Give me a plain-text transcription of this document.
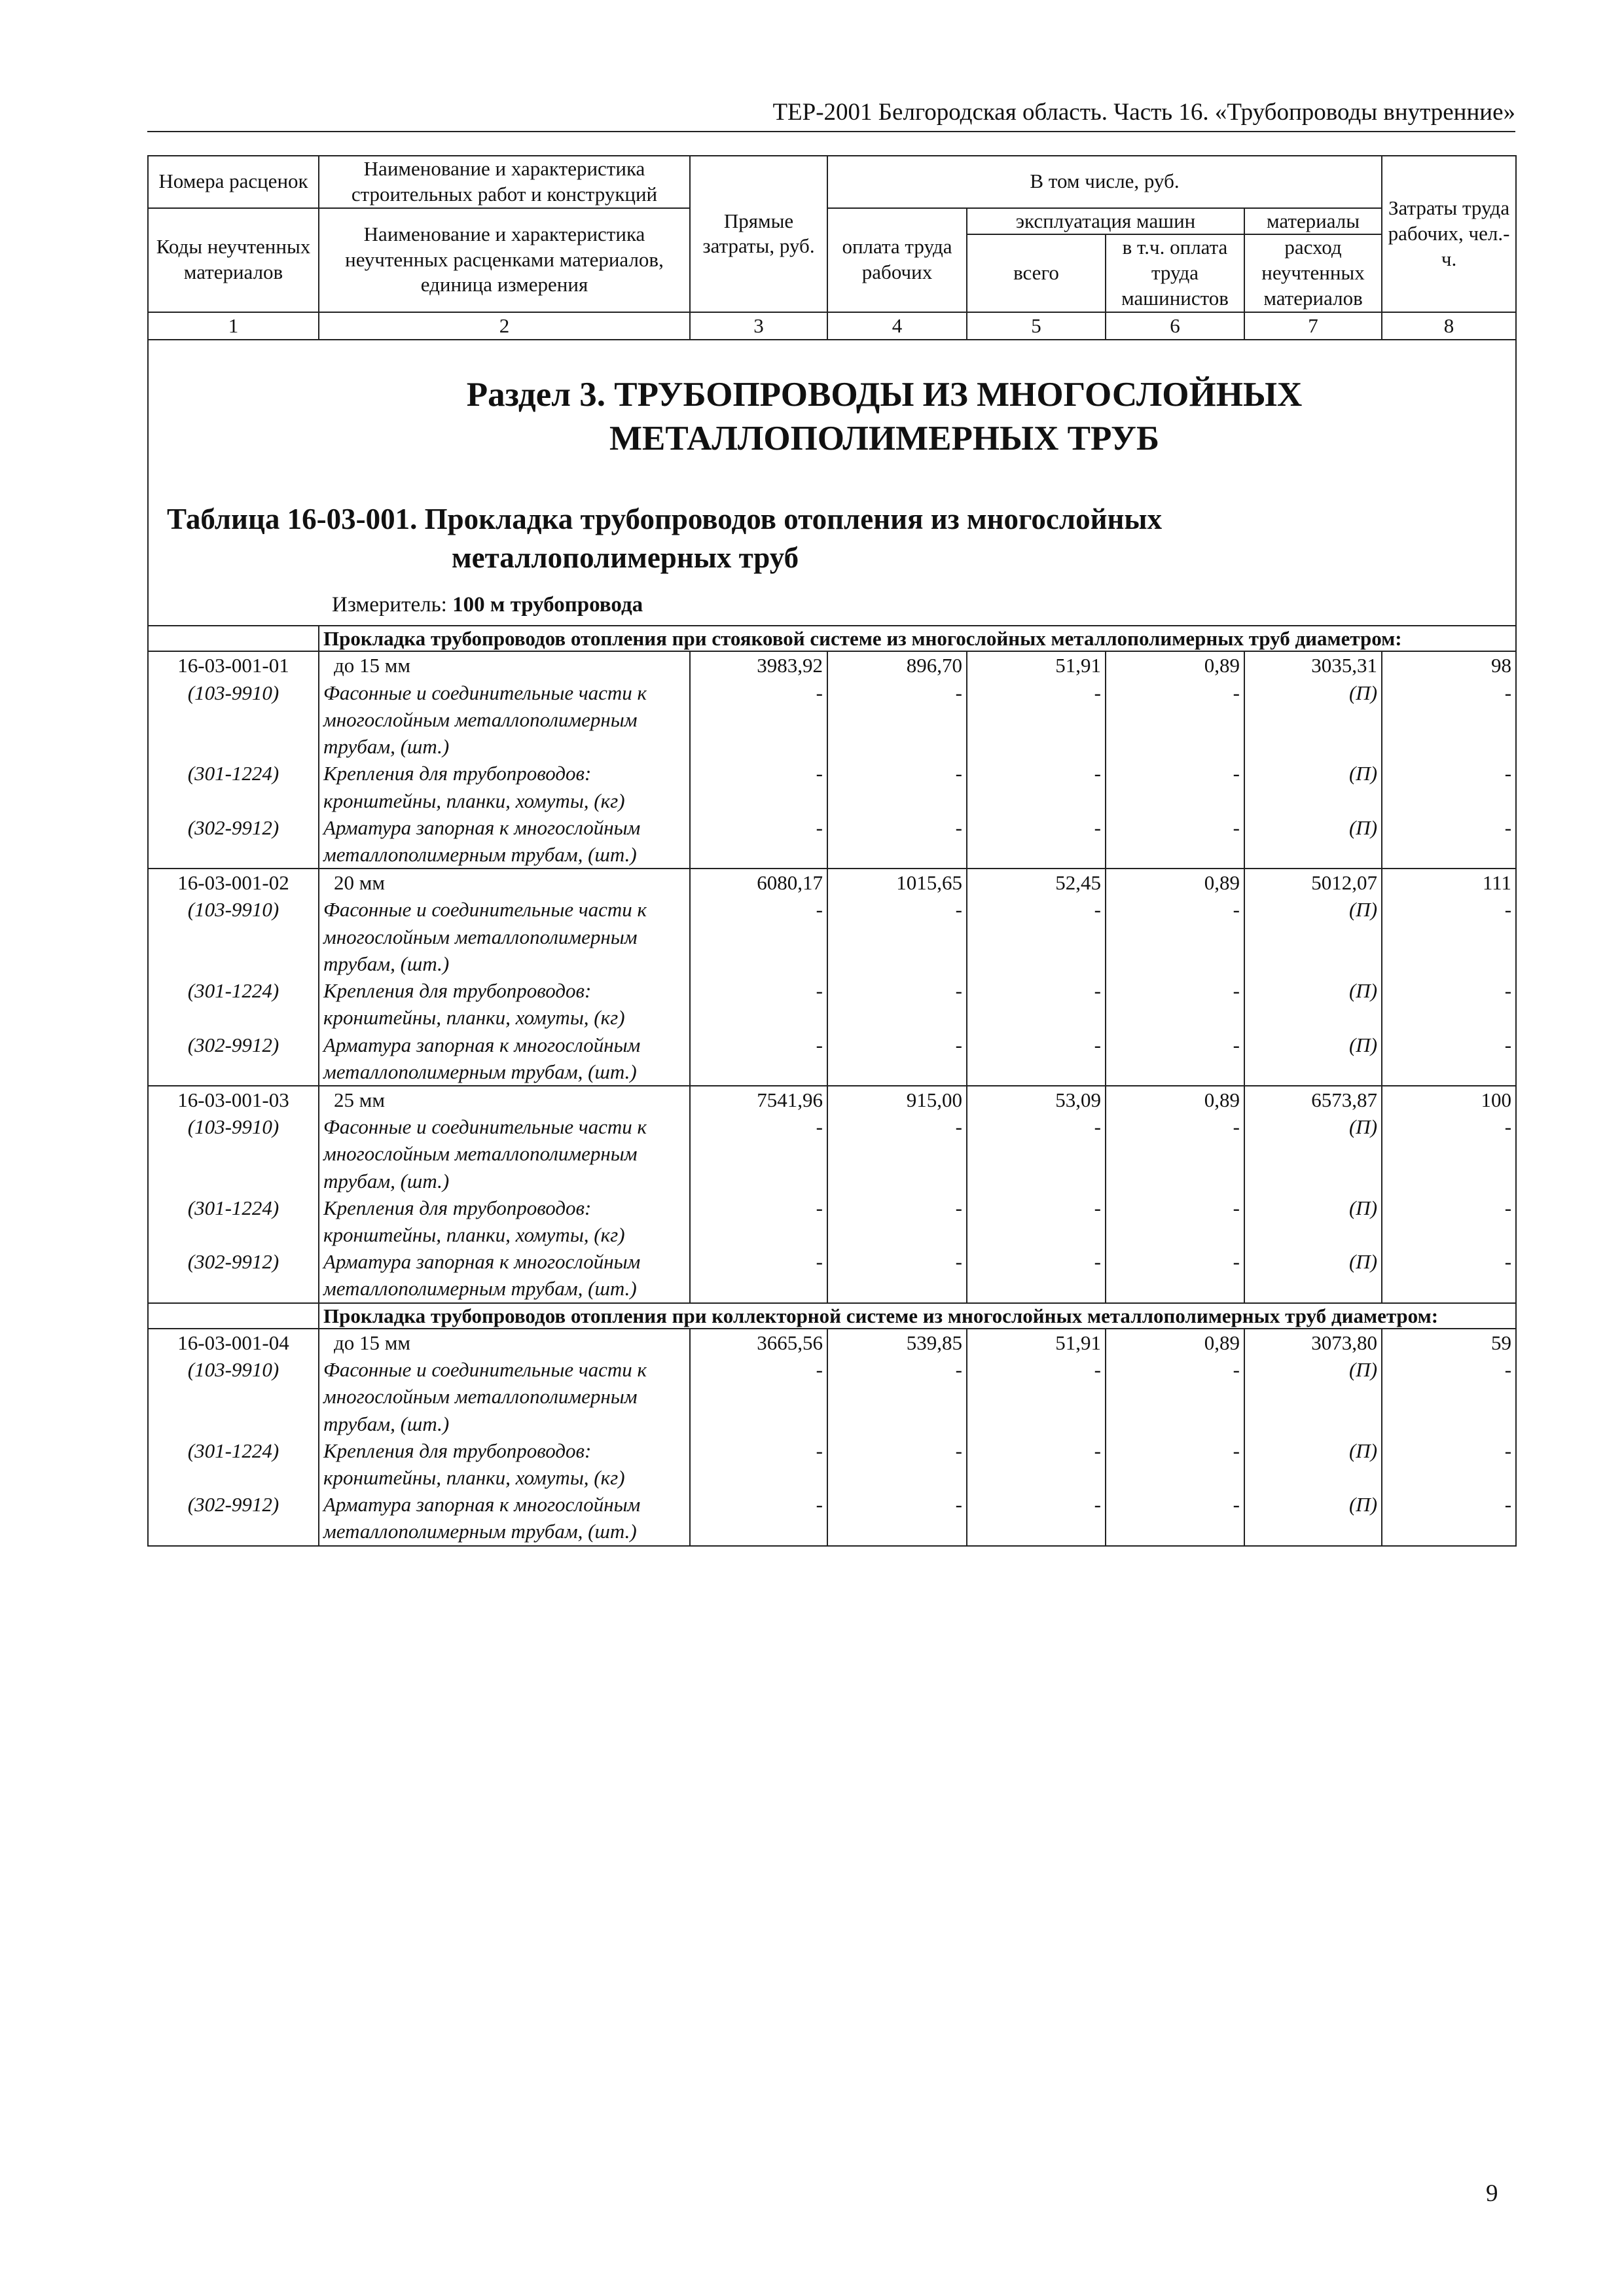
ТЕР-2001 Белгородская область. Часть 16. «Трубопроводы внутренние»
Номера расценок	Наименование и характеристика строительных работ и конструкций	Прямые затраты, руб.	В том числе, руб.				Затраты труда рабочих, чел.-ч.
Коды неучтенных материалов	Наименование и характеристика неучтенных расценками материалов, единица измерения		оплата труда рабочих	эксплуатация машин		материалы	
				всего	в т.ч. оплата труда машинистов	расход неучтенных материалов	
1	2	3	4	5	6	7	8

Раздел 3. ТРУБОПРОВОДЫ ИЗ МНОГОСЛОЙНЫХ МЕТАЛЛОПОЛИМЕРНЫХ ТРУБ
Таблица 16-03-001. Прокладка трубопроводов отопления из многослойных
металлополимерных труб
Измеритель: 100 м трубопровода							

	Прокладка трубопроводов отопления при стояковой системе из многослойных металлополимерных труб диаметром:						
16-03-001-01	до 15 мм	3983,92	896,70	51,91	0,89	3035,31	98
(103-9910)	Фасонные и соединительные части к многослойным металлополимерным трубам, (шт.)	-	-	-	-	(П)	-
(301-1224)	Крепления для трубопроводов: кронштейны, планки, хомуты, (кг)	-	-	-	-	(П)	-
(302-9912)	Арматура запорная к многослойным металлополимерным трубам, (шт.)	-	-	-	-	(П)	-
16-03-001-02	20 мм	6080,17	1015,65	52,45	0,89	5012,07	111
(103-9910)	Фасонные и соединительные части к многослойным металлополимерным трубам, (шт.)	-	-	-	-	(П)	-
(301-1224)	Крепления для трубопроводов: кронштейны, планки, хомуты, (кг)	-	-	-	-	(П)	-
(302-9912)	Арматура запорная к многослойным металлополимерным трубам, (шт.)	-	-	-	-	(П)	-
16-03-001-03	25 мм	7541,96	915,00	53,09	0,89	6573,87	100
(103-9910)	Фасонные и соединительные части к многослойным металлополимерным трубам, (шт.)	-	-	-	-	(П)	-
(301-1224)	Крепления для трубопроводов: кронштейны, планки, хомуты, (кг)	-	-	-	-	(П)	-
(302-9912)	Арматура запорная к многослойным металлополимерным трубам, (шт.)	-	-	-	-	(П)	-
	Прокладка трубопроводов отопления при коллекторной системе из многослойных металлополимерных труб диаметром:						
16-03-001-04	до 15 мм	3665,56	539,85	51,91	0,89	3073,80	59
(103-9910)	Фасонные и соединительные части к многослойным металлополимерным трубам, (шт.)	-	-	-	-	(П)	-
(301-1224)	Крепления для трубопроводов: кронштейны, планки, хомуты, (кг)	-	-	-	-	(П)	-
(302-9912)	Арматура запорная к многослойным металлополимерным трубам, (шт.)	-	-	-	-	(П)	-
9
